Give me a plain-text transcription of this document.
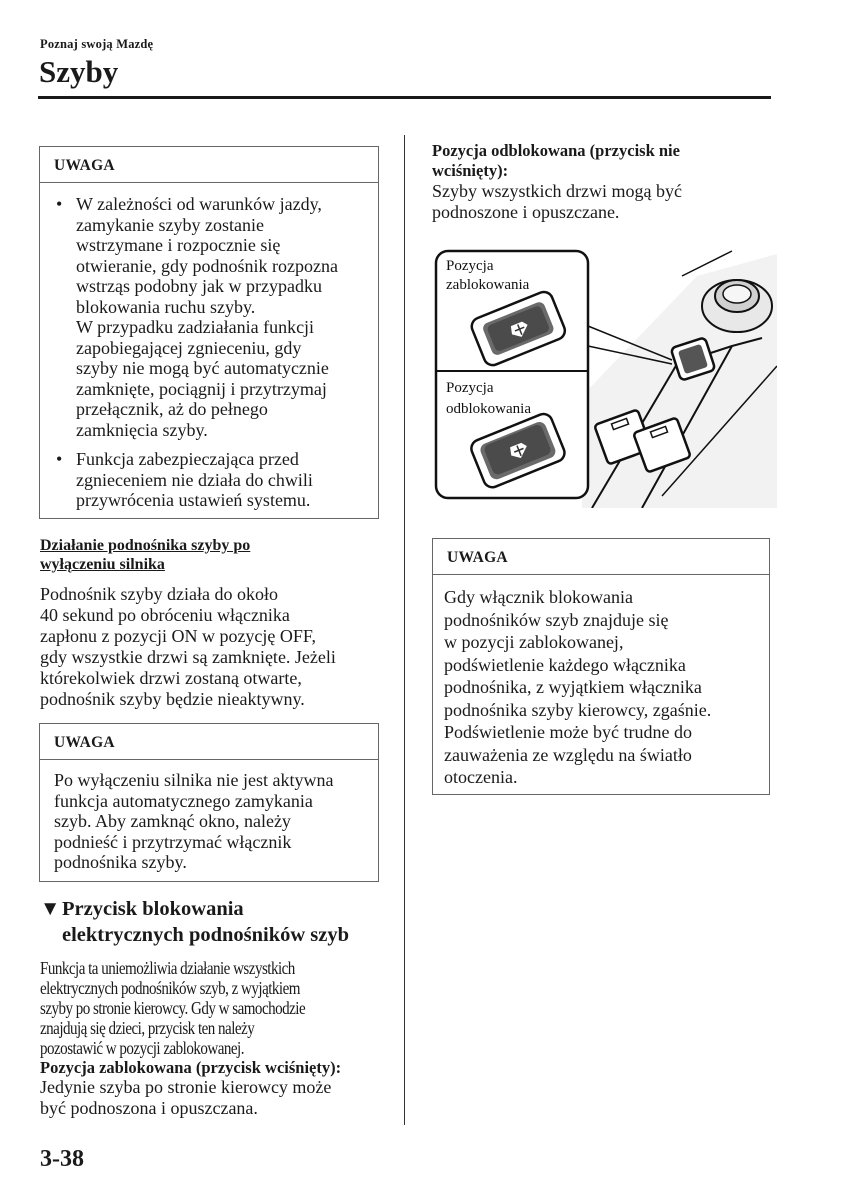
Poznaj swoją Mazdę
Szyby
UWAGA
• W zależności od warunków jazdy,

zamykanie szyby zostanie

wstrzymane i rozpocznie się

otwieranie, gdy podnośnik rozpozna

wstrząs podobny jak w przypadku

blokowania ruchu szyby.

W przypadku zadziałania funkcji

zapobiegającej zgnieceniu, gdy

szyby nie mogą być automatycznie

zamknięte, pociągnij i przytrzymaj

przełącznik, aż do pełnego

zamknięcia szyby.

• Funkcja zabezpieczająca przed

zgnieceniem nie działa do chwili

przywrócenia ustawień systemu.

Działanie podnośnika szyby po
wyłączeniu silnika

Podnośnik szyby działa do około

40 sekund po obróceniu włącznika

zapłonu z pozycji ON w pozycję OFF,

gdy wszystkie drzwi są zamknięte. Jeżeli

którekolwiek drzwi zostaną otwarte,

podnośnik szyby będzie nieaktywny.

UWAGA
Po wyłączeniu silnika nie jest aktywna
funkcja automatycznego zamykania
szyb. Aby zamknąć okno, należy
podnieść i przytrzymać włącznik
podnośnika szyby.
▼Przycisk blokowania
elektrycznych podnośników szyb
Funkcja ta uniemożliwia działanie wszystkich
elektrycznych podnośników szyb, z wyjątkiem
szyby po stronie kierowcy. Gdy w samochodzie
znajdują się dzieci, przycisk ten należy
pozostawić w pozycji zablokowanej.
Pozycja zablokowana (przycisk wciśnięty):

Jedynie szyba po stronie kierowcy może

być podnoszona i opuszczana.

Pozycja odblokowana (przycisk nie
wciśnięty):

Szyby wszystkich drzwi mogą być

podnoszone i opuszczane.

Pozycja
zablokowania
Pozycja
odblokowania
UWAGA
Gdy włącznik blokowania
podnośników szyb znajduje się
w pozycji zablokowanej,
podświetlenie każdego włącznika
podnośnika, z wyjątkiem włącznika
podnośnika szyby kierowcy, zgaśnie.
Podświetlenie może być trudne do
zauważenia ze względu na światło
otoczenia.
3-38
